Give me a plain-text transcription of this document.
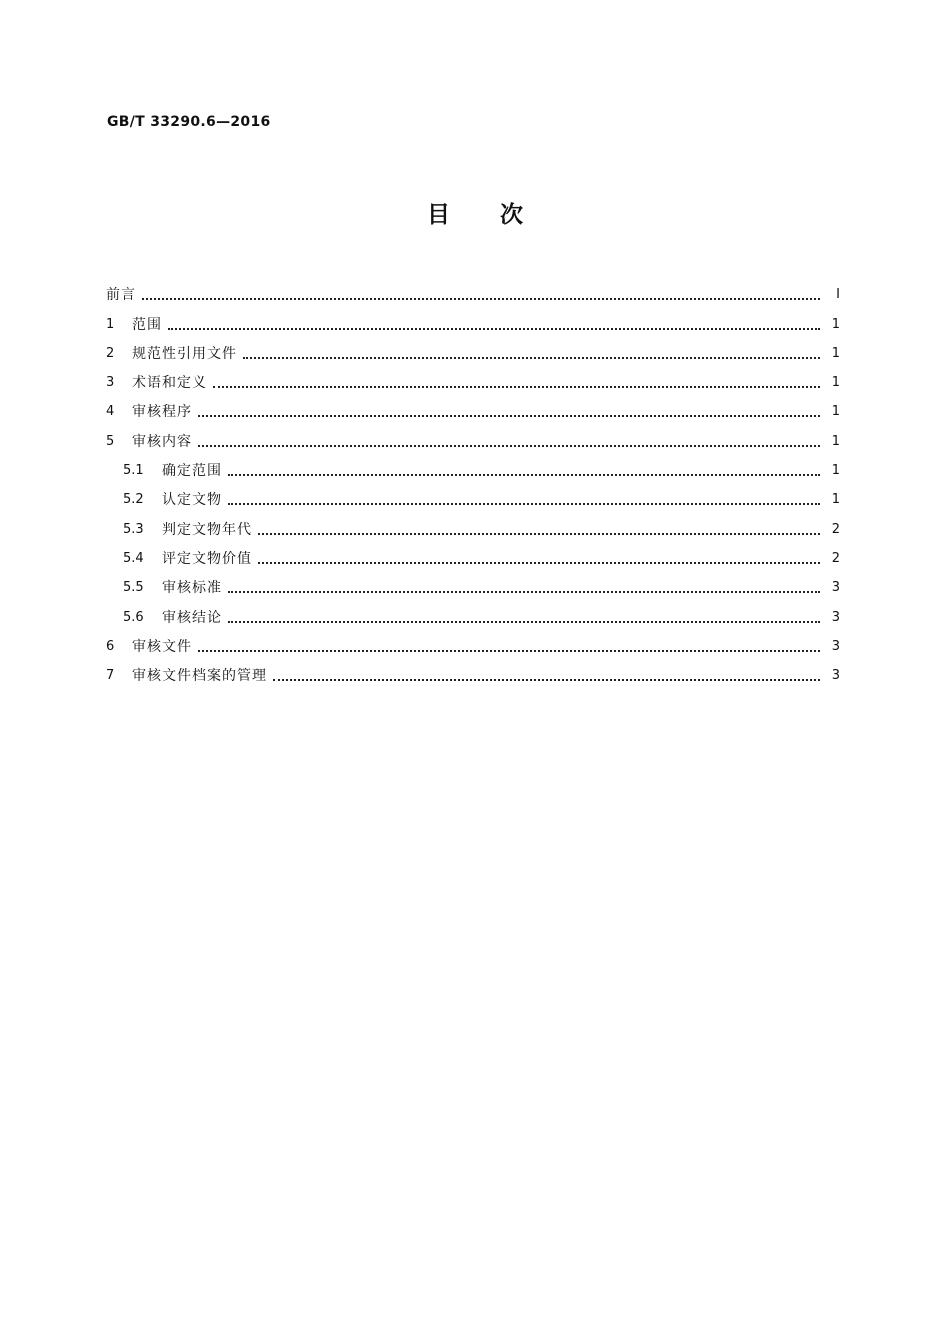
GB/T 33290.6—2016
目次
前言	Ⅰ
1	范围	1
2	规范性引用文件	1
3	术语和定义	1
4	审核程序	1
5	审核内容	1
5.1	确定范围	1
5.2	认定文物	1
5.3	判定文物年代	2
5.4	评定文物价值	2
5.5	审核标准	3
5.6	审核结论	3
6	审核文件	3
7	审核文件档案的管理	3
